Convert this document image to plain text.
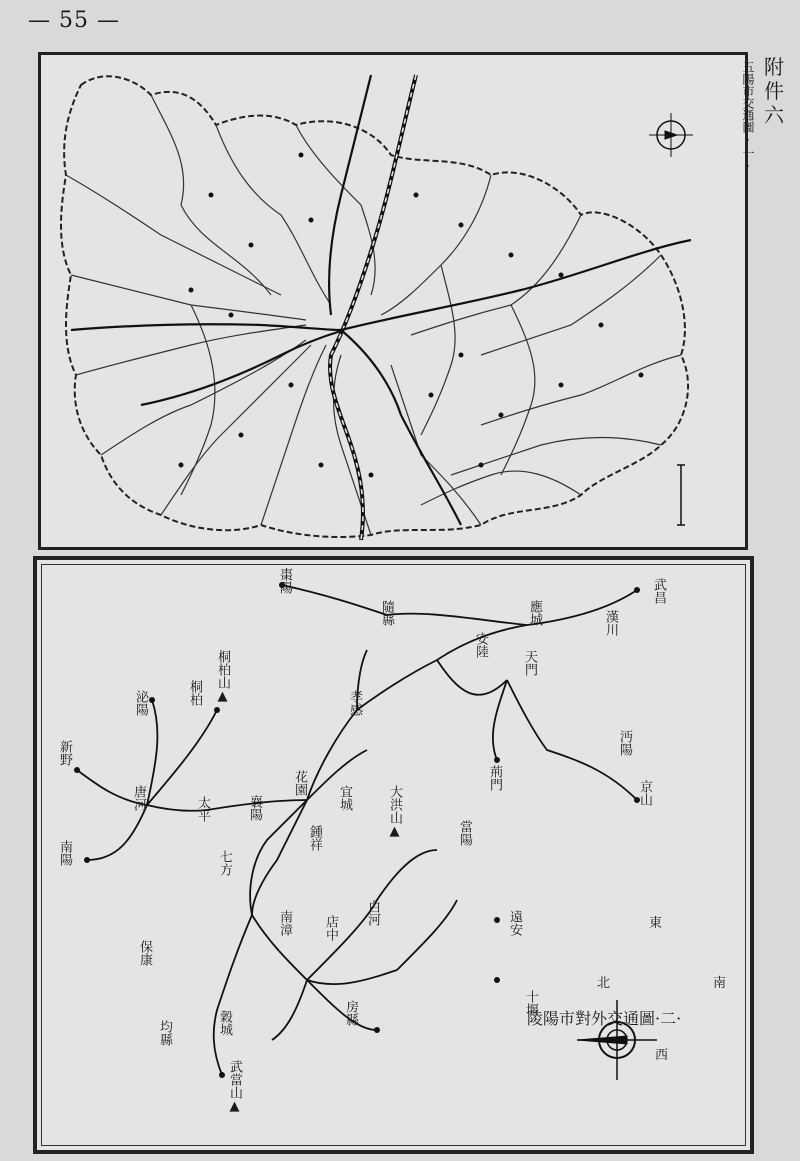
— 55 —
附件六
五陽市交通圖·一·
武昌
漢川
應城
安陸
隨縣
棗陽
孝感
天門
沔陽
京山
荊門
桐柏山▲
桐柏
泌陽
新野
唐河
南陽
太平	襄陽
花園
宜城	大洪山▲
鍾祥
七方
南漳 店中
白河
當陽
保康
房縣
遠安
十堰
穀城
均縣
武當山▲
東
南
北
西
陵陽市對外交通圖·二·
